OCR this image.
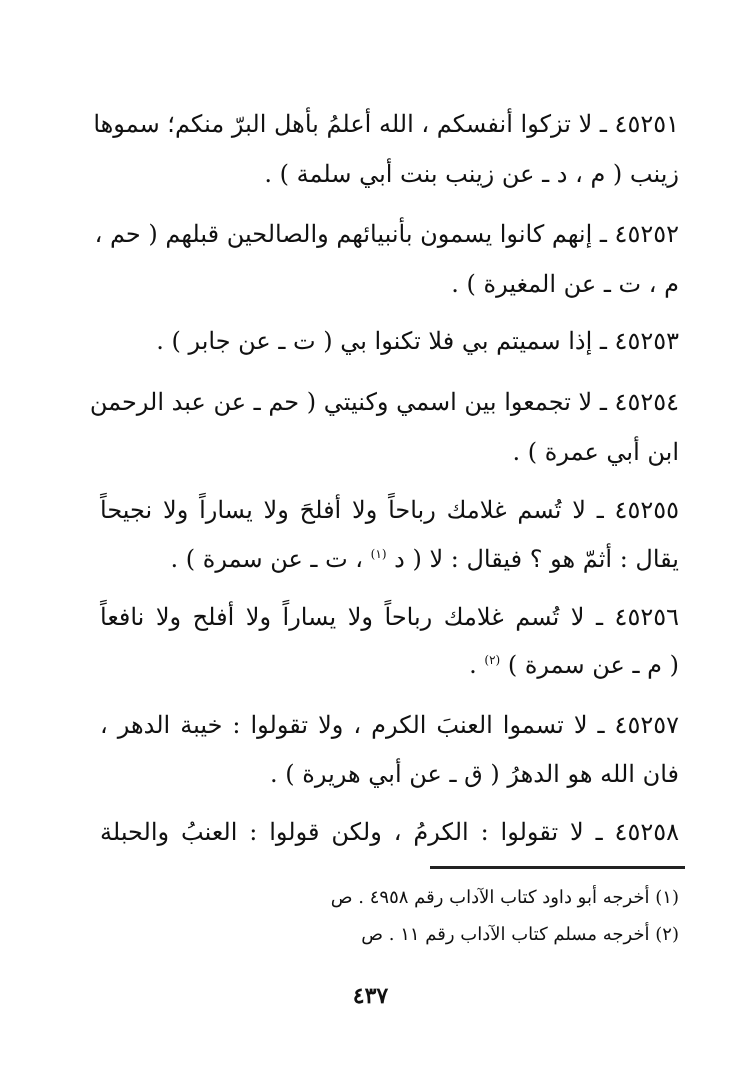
٤٥٢٥١ ـ لا تزكوا أنفسكم ، الله أعلمُ بأهل البرّ منكم؛ سموها
زينب ( م ، د ـ عن زينب بنت أبي سلمة ) .
٤٥٢٥٢ ـ إنهم كانوا يسمون بأنبيائهم والصالحين قبلهم ( حم ،
م ، ت ـ عن المغيرة ) .
٤٥٢٥٣ ـ إذا سميتم بي فلا تكنوا بي ( ت ـ عن جابر ) .
٤٥٢٥٤ ـ لا تجمعوا بين اسمي وكنيتي ( حم ـ عن عبد الرحمن
ابن أبي عمرة ) .
٤٥٢٥٥ ـ لا تُسم غلامك رباحاً ولا أفلحَ ولا يساراً ولا نجيحاً
يقال : أثمّ هو ؟ فيقال : لا ( د $^{(١)}$ ، ت ـ عن سمرة ) .
٤٥٢٥٦ ـ لا تُسم غلامك رباحاً ولا يساراً ولا أفلح ولا نافعاً
( م ـ عن سمرة ) $^{(٢)}$ .
٤٥٢٥٧ ـ لا تسموا العنبَ الكرم ، ولا تقولوا : خيبة الدهر ،
فان الله هو الدهرُ ( ق ـ عن أبي هريرة ) .
٤٥٢٥٨ ـ لا تقولوا : الكرمُ ، ولكن قولوا : العنبُ والحبلة
(١) أخرجه أبو داود كتاب الآداب رقم ٤٩٥٨ . ص
(٢) أخرجه مسلم كتاب الآداب رقم ١١ . ص
٤٣٧
